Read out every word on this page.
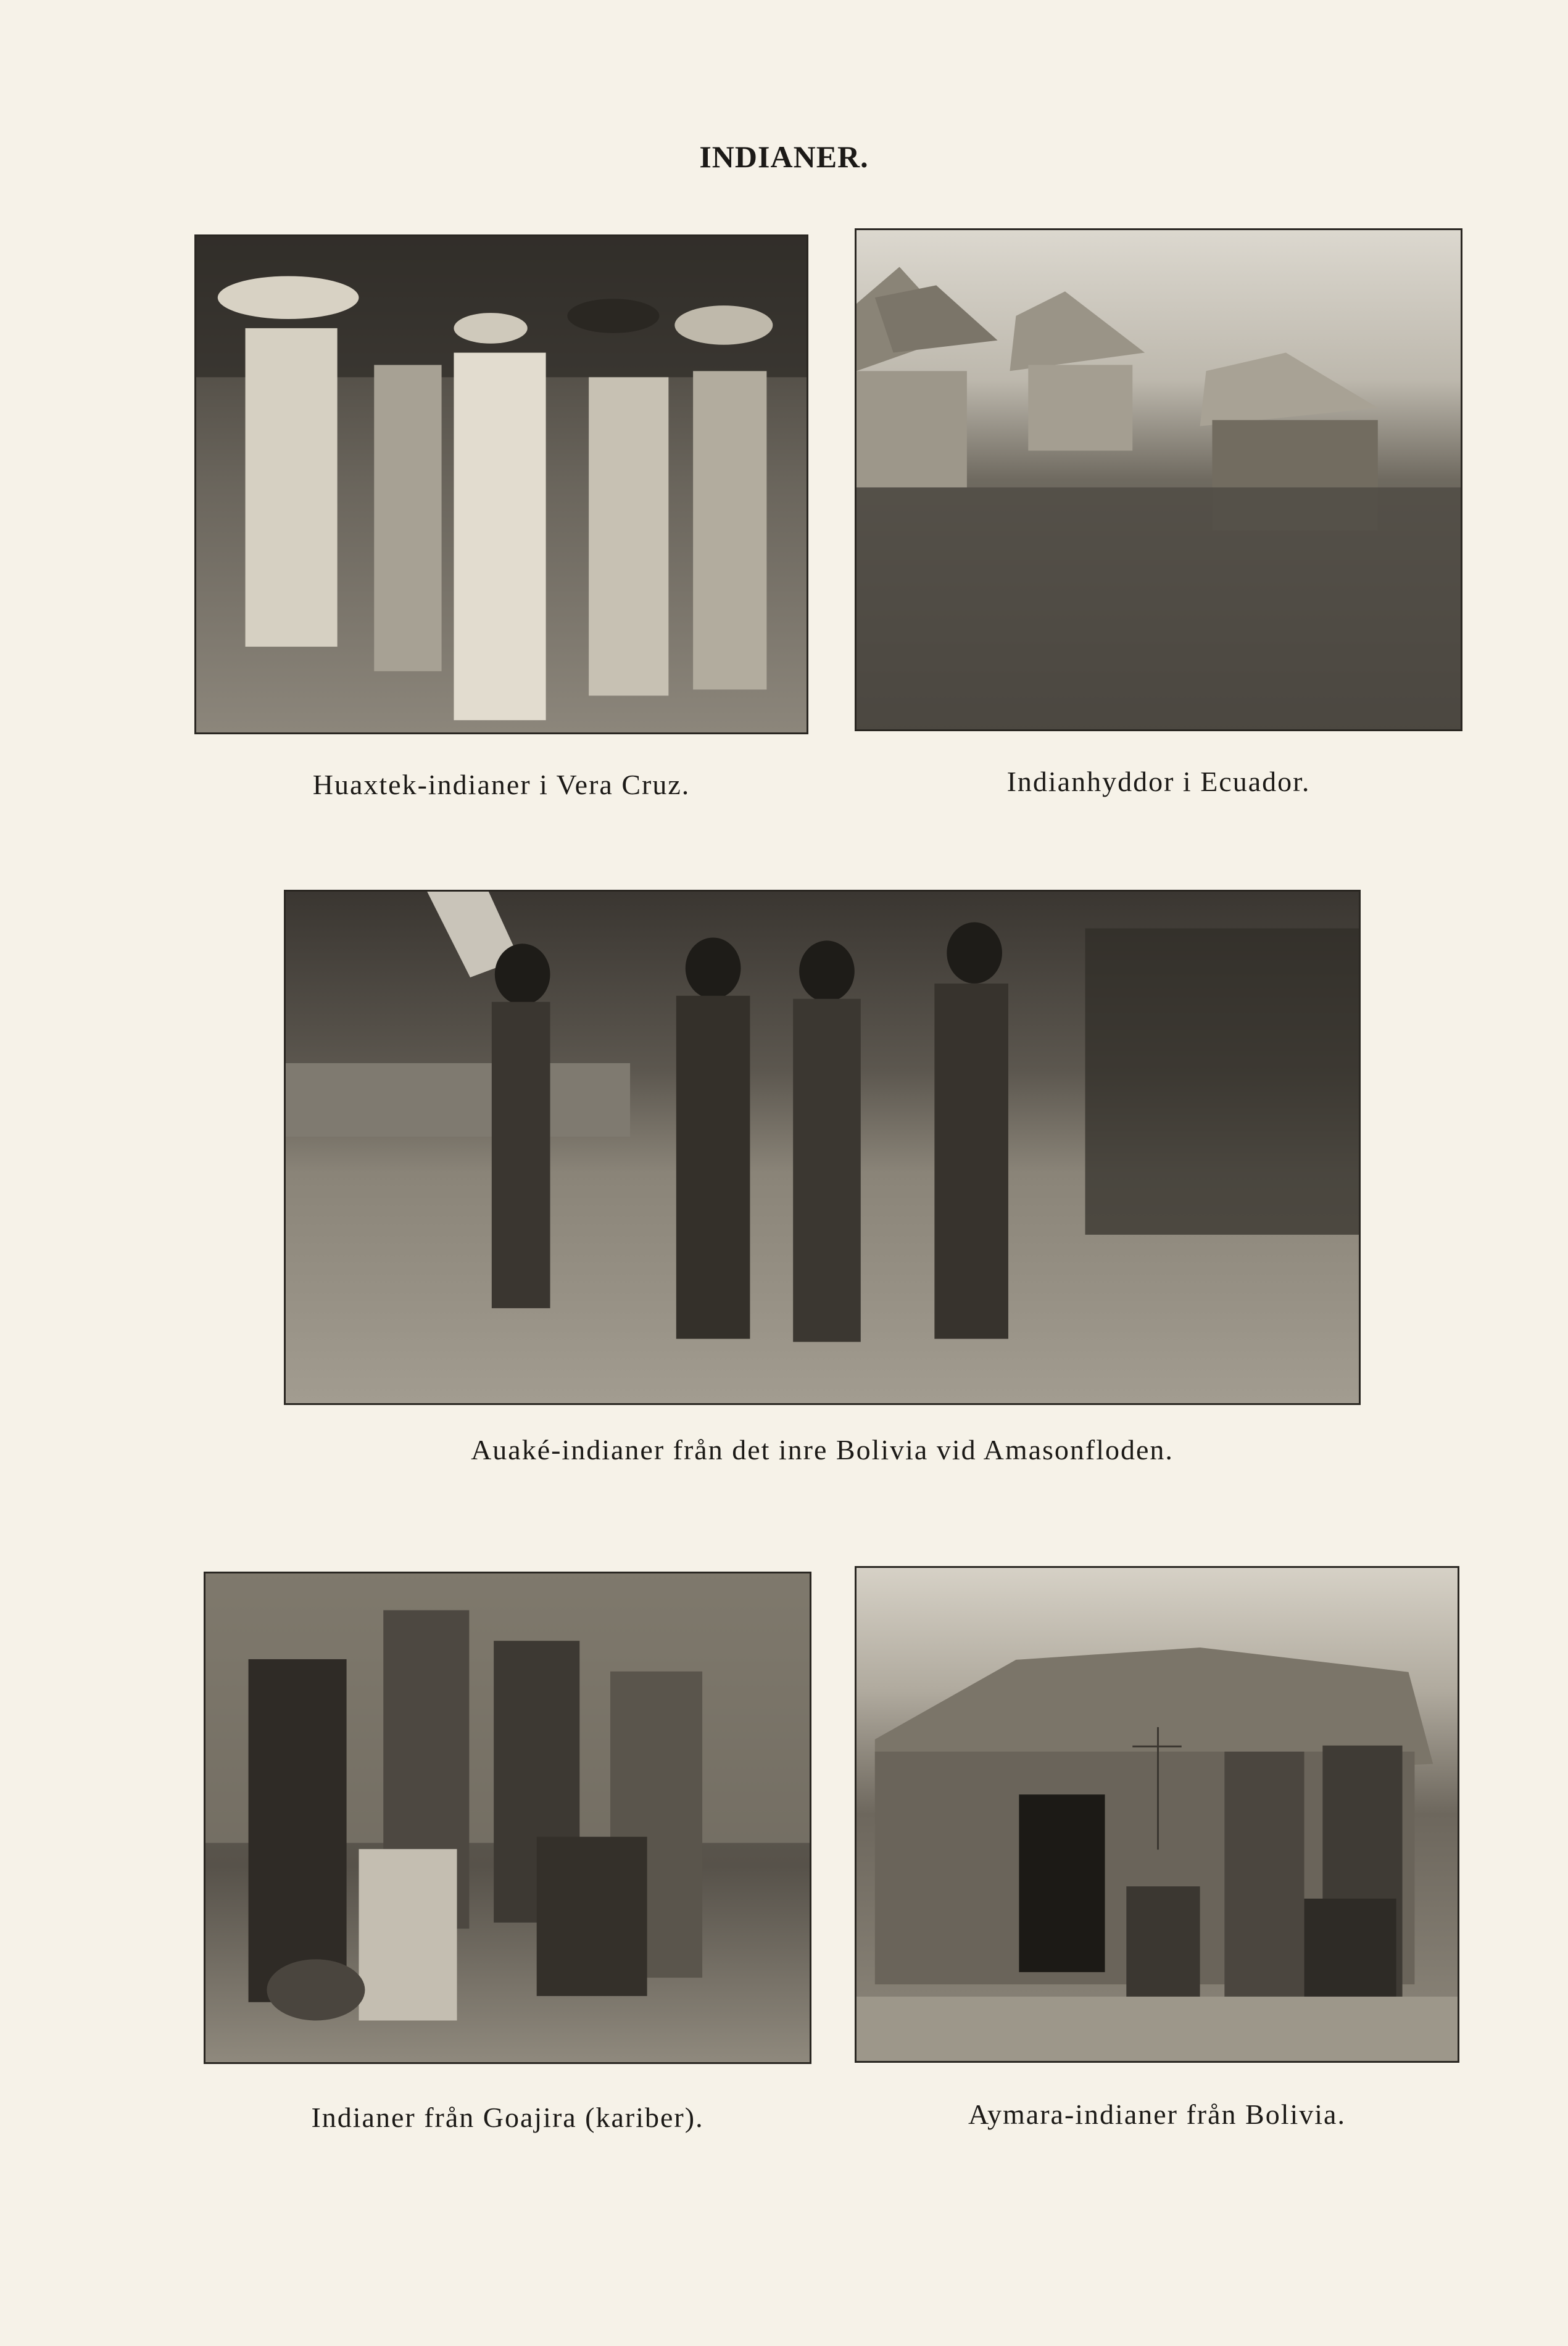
INDIANER.
Huaxtek-indianer i Vera Cruz.	Indianhyddor i Ecuador.
Auaké-indianer från det inre Bolivia vid Amasonfloden.
Indianer från Goajira (kariber).	Aymara-indianer från Bolivia.
